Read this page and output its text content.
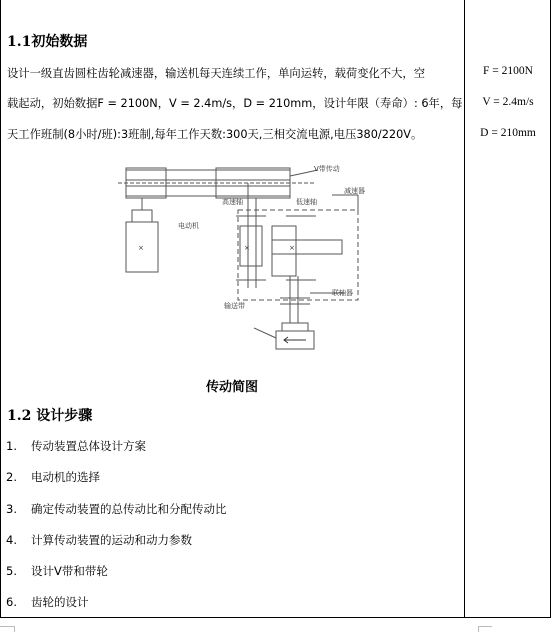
1.1初始数据
设计一级直齿圆柱齿轮减速器，输送机每天连续工作，单向运转，载荷变化不大，空
载起动，初始数据F = 2100N，V = 2.4m/s，D = 210mm，设计年限（寿命）: 6年，每
天工作班制(8小时/班):3班制,每年工作天数:300天,三相交流电源,电压380/220V。
F = 2100N
V = 2.4m/s
D = 210mm
×	×	×
V带传动
减速器
高速轴	低速轴
电动机
联轴器
输送带
传动简图
1.2 设计步骤
1. 传动装置总体设计方案
2. 电动机的选择
3. 确定传动装置的总传动比和分配传动比
4. 计算传动装置的运动和动力参数
5. 设计V带和带轮
6. 齿轮的设计
